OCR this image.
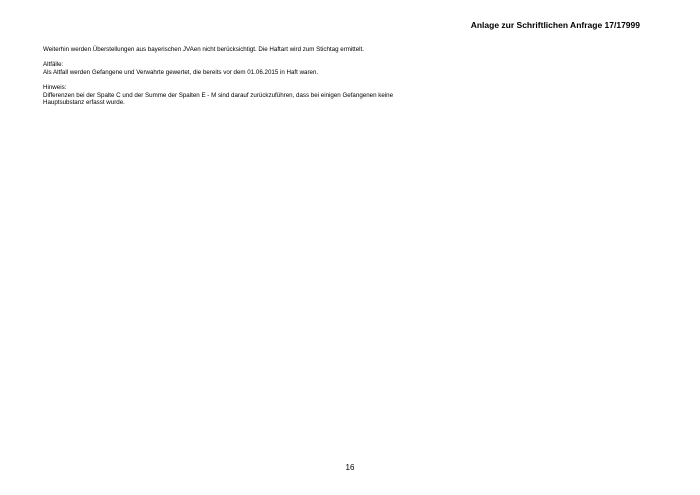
Anlage zur Schriftlichen Anfrage 17/17999

Weiterhin werden Überstellungen aus bayerischen JVAen nicht berücksichtigt. Die Haftart wird zum Stichtag ermittelt.

Altfälle:

Als Altfall werden Gefangene und Verwahrte gewertet, die bereits vor dem 01.06.2015 in Haft waren.

Hinweis:

Differenzen bei der Spalte C und der Summe der Spalten E - M sind darauf zurückzuführen, dass bei einigen Gefangenen keine

Hauptsubstanz erfasst wurde.

16
